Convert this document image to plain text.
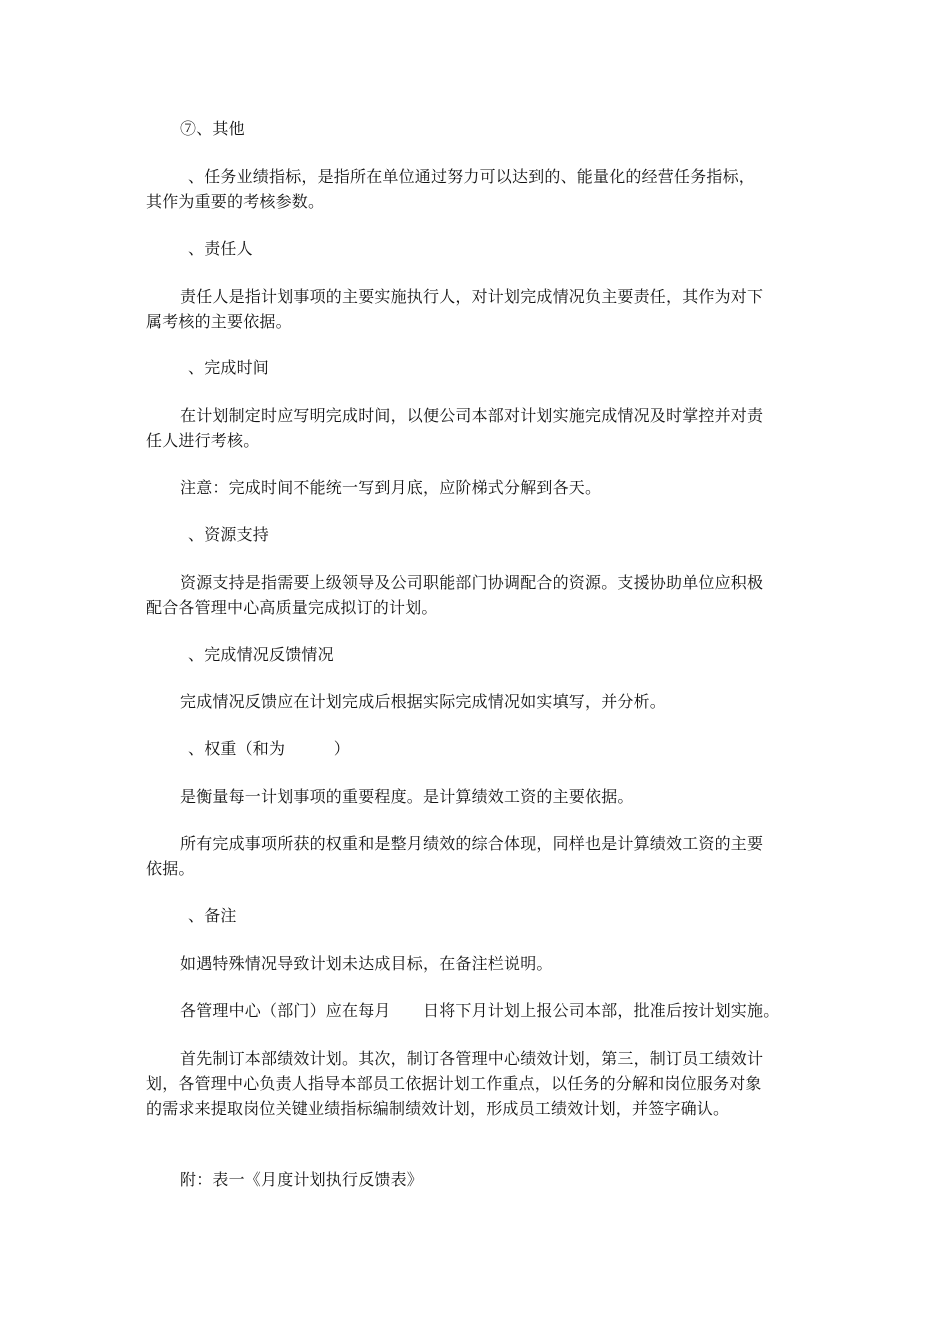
⑦、其他
、任务业绩指标，是指所在单位通过努力可以达到的、能量化的经营任务指标，
其作为重要的考核参数。
、责任人
责任人是指计划事项的主要实施执行人，对计划完成情况负主要责任，其作为对下
属考核的主要依据。
、完成时间
在计划制定时应写明完成时间，以便公司本部对计划实施完成情况及时掌控并对责
任人进行考核。
注意：完成时间不能统一写到月底，应阶梯式分解到各天。
、资源支持
资源支持是指需要上级领导及公司职能部门协调配合的资源。支援协助单位应积极
配合各管理中心高质量完成拟订的计划。
、完成情况反馈情况
完成情况反馈应在计划完成后根据实际完成情况如实填写，并分析。
、权重（和为　　　）
是衡量每一计划事项的重要程度。是计算绩效工资的主要依据。
所有完成事项所获的权重和是整月绩效的综合体现，同样也是计算绩效工资的主要
依据。
、备注
如遇特殊情况导致计划未达成目标，在备注栏说明。
各管理中心（部门）应在每月　　日将下月计划上报公司本部，批准后按计划实施。
首先制订本部绩效计划。其次，制订各管理中心绩效计划，第三，制订员工绩效计
划，各管理中心负责人指导本部员工依据计划工作重点，以任务的分解和岗位服务对象
的需求来提取岗位关键业绩指标编制绩效计划，形成员工绩效计划，并签字确认。
附：表一《月度计划执行反馈表》
